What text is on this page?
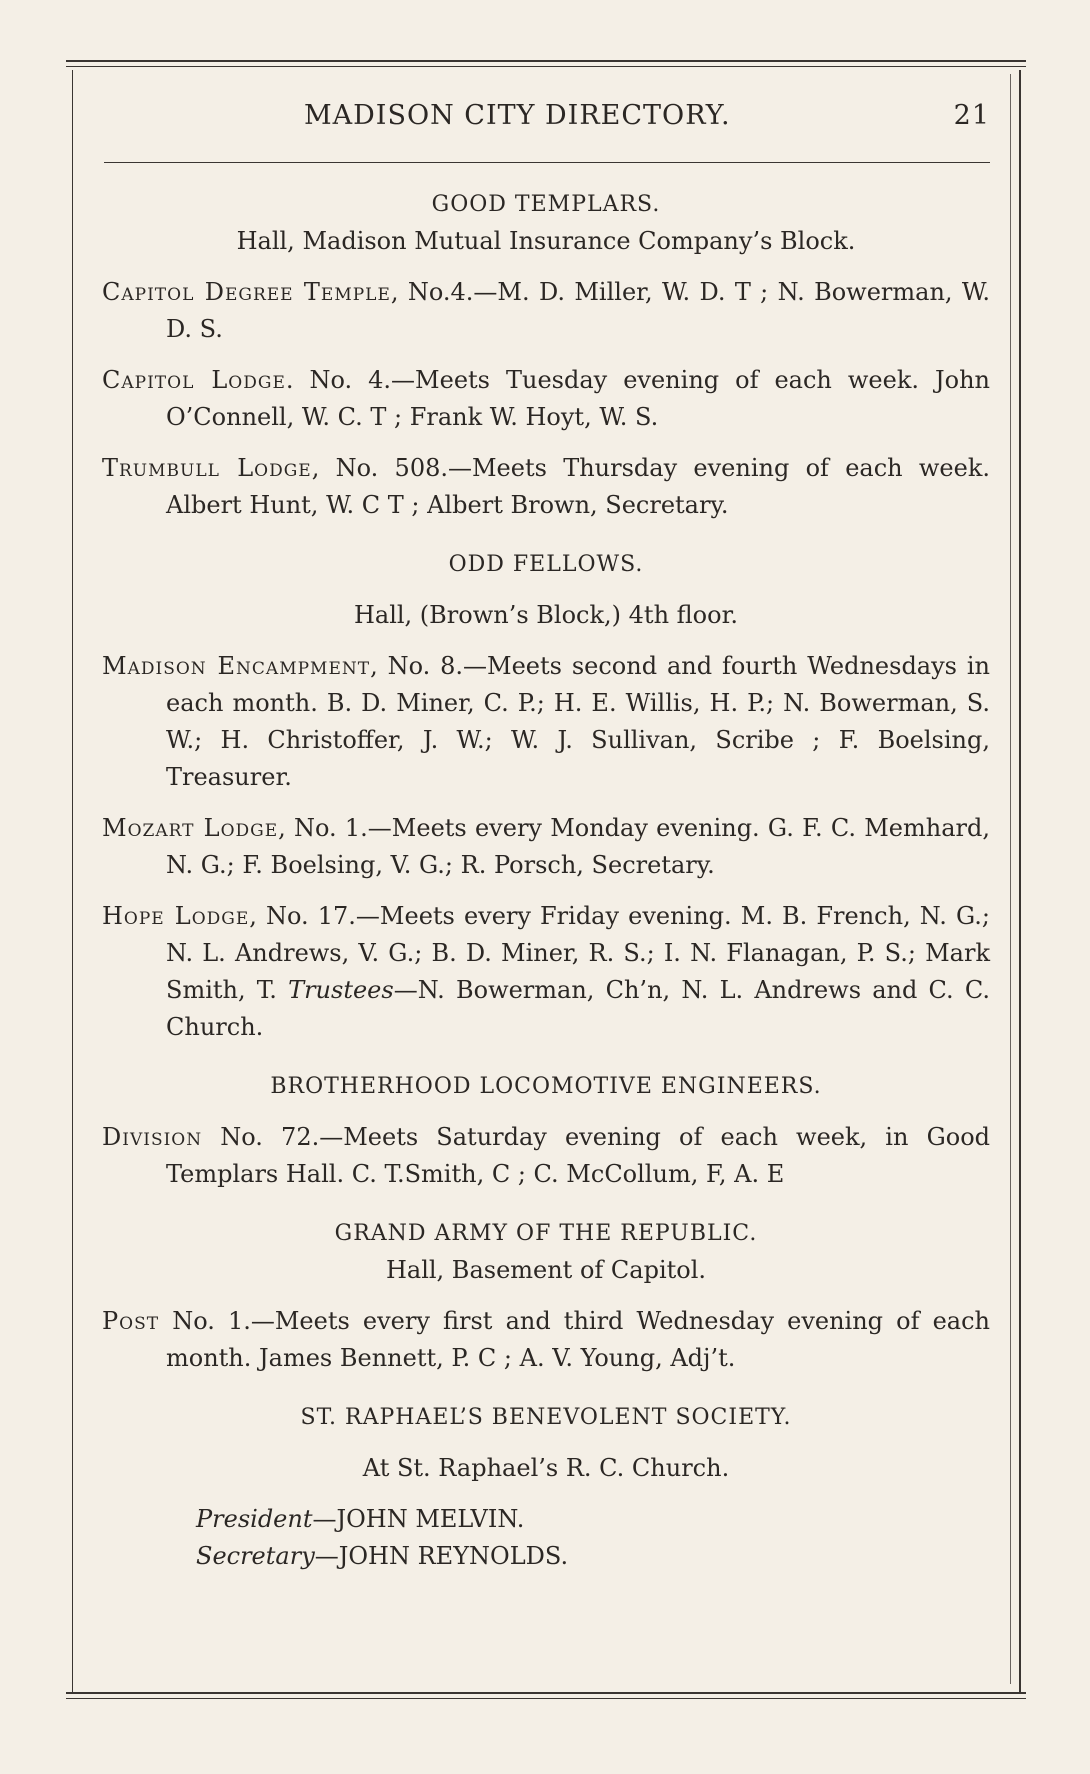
MADISON CITY DIRECTORY.	21

GOOD TEMPLARS.

Hall, Madison Mutual Insurance Company’s Block.

Capitol Degree Temple, No.4.—M. D. Miller, W. D. T ; N. Bowerman, W. D. S.

Capitol Lodge. No. 4.—Meets Tuesday evening of each week. John O’Connell, W. C. T ; Frank W. Hoyt, W. S.

Trumbull Lodge, No. 508.—Meets Thursday evening of each week. Albert Hunt, W. C T ; Albert Brown, Secretary.

ODD FELLOWS.

Hall, (Brown’s Block,) 4th floor.

Madison Encampment, No. 8.—Meets second and fourth Wednesdays in each month. B. D. Miner, C. P.; H. E. Willis, H. P.; N. Bowerman, S. W.; H. Christoffer, J. W.; W. J. Sullivan, Scribe ; F. Boelsing, Treasurer.

Mozart Lodge, No. 1.—Meets every Monday evening. G. F. C. Memhard, N. G.; F. Boelsing, V. G.; R. Porsch, Secretary.

Hope Lodge, No. 17.—Meets every Friday evening. M. B. French, N. G.; N. L. Andrews, V. G.; B. D. Miner, R. S.; I. N. Flanagan, P. S.; Mark Smith, T. Trustees—N. Bowerman, Ch’n, N. L. Andrews and C. C. Church.

BROTHERHOOD LOCOMOTIVE ENGINEERS.

Division No. 72.—Meets Saturday evening of each week, in Good Templars Hall. C. T.Smith, C ; C. McCollum, F, A. E

GRAND ARMY OF THE REPUBLIC.

Hall, Basement of Capitol.

Post No. 1.—Meets every first and third Wednesday evening of each month. James Bennett, P. C ; A. V. Young, Adj’t.

ST. RAPHAEL’S BENEVOLENT SOCIETY.

At St. Raphael’s R. C. Church.

President—JOHN MELVIN.

Secretary—JOHN REYNOLDS.
